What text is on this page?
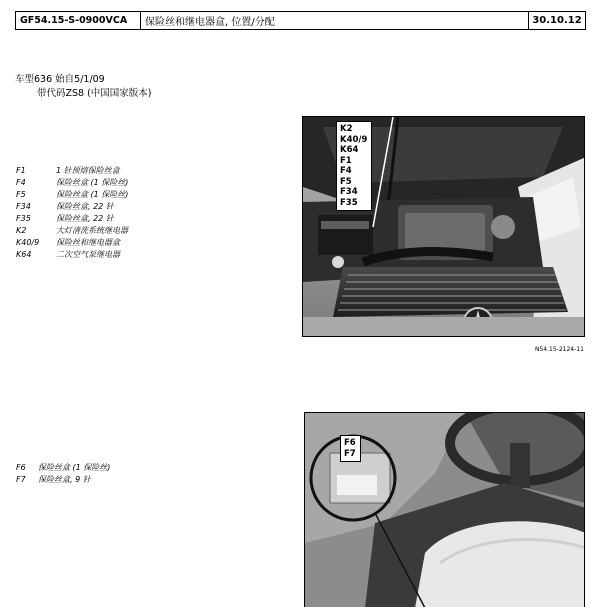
GF54.15-S-0900VCA	保险丝和继电器盒, 位置/分配	30.10.12
车型636 始自5/1/09
带代码ZS8 (中国国家版本)
F1	1 针预熔保险丝盒
F4	保险丝盒 (1 保险丝)
F5	保险丝盒 (1 保险丝)
F34	保险丝盒, 22 针
F35	保险丝盒, 22 针
K2	大灯清洗系统继电器
K40/9	保险丝和继电器盒
K64	二次空气泵继电器
K2
K40/9
K64
F1
F4
F5
F34
F35
N54.15-2124-11
F6	保险丝盒 (1 保险丝)
F7	保险丝盒, 9 针
F6
F7
